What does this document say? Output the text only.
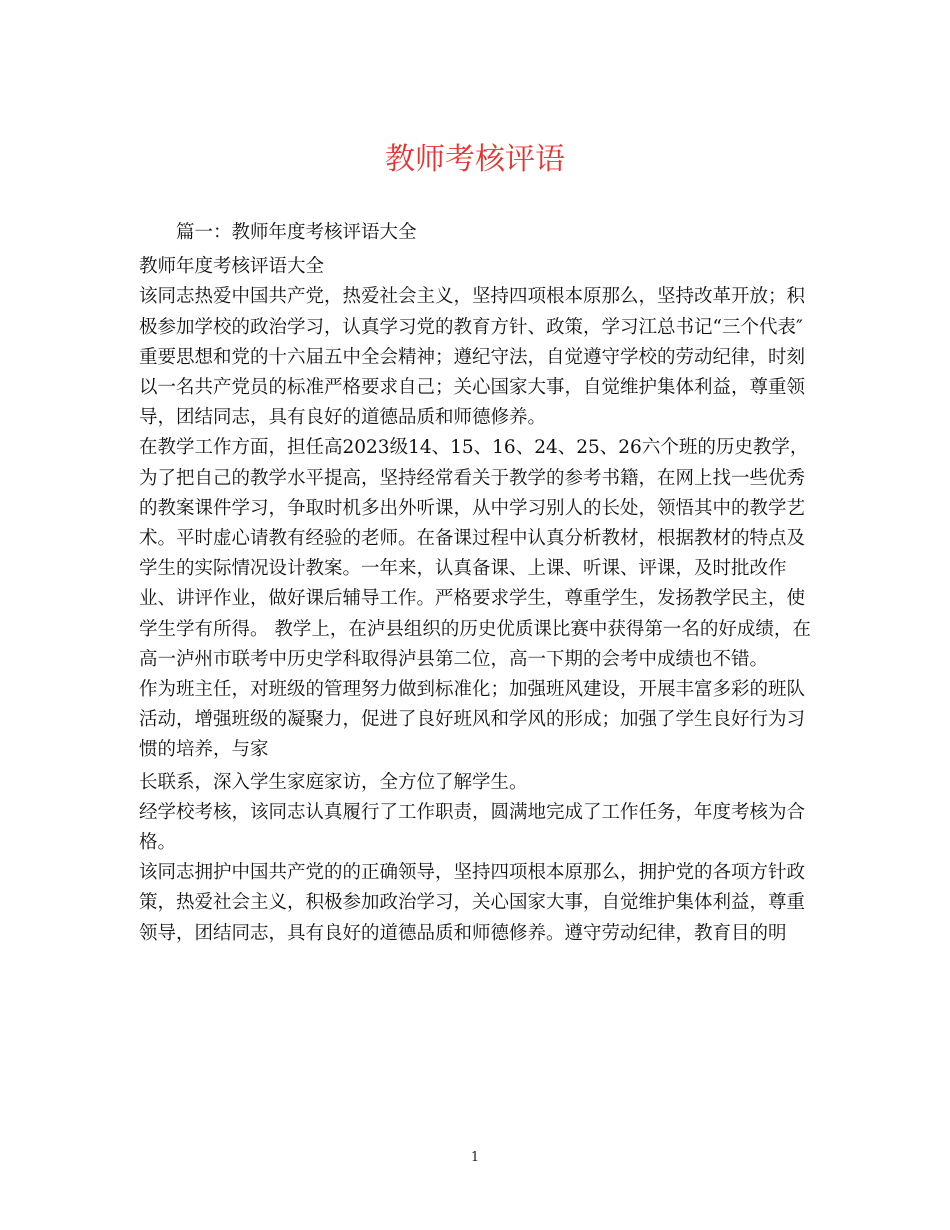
教师考核评语

篇一：教师年度考核评语大全

教师年度考核评语大全

该同志热爱中国共产党，热爱社会主义，坚持四项根本原那么，坚持改革开放；积极参加学校的政治学习，认真学习党的教育方针、政策，学习江总书记“三个代表″重要思想和党的十六届五中全会精神；遵纪守法，自觉遵守学校的劳动纪律，时刻以一名共产党员的标准严格要求自己；关心国家大事，自觉维护集体利益，尊重领导，团结同志，具有良好的道德品质和师德修养。

在教学工作方面，担任高2023级14、15、16、24、25、26六个班的历史教学，为了把自己的教学水平提高，坚持经常看关于教学的参考书籍，在网上找一些优秀的教案课件学习，争取时机多出外听课，从中学习别人的长处，领悟其中的教学艺术。平时虚心请教有经验的老师。在备课过程中认真分析教材，根据教材的特点及学生的实际情况设计教案。一年来，认真备课、上课、听课、评课，及时批改作业、讲评作业，做好课后辅导工作。严格要求学生，尊重学生，发扬教学民主，使学生学有所得。 教学上，在泸县组织的历史优质课比赛中获得第一名的好成绩，在高一泸州市联考中历史学科取得泸县第二位，高一下期的会考中成绩也不错。

作为班主任，对班级的管理努力做到标准化；加强班风建设，开展丰富多彩的班队活动，增强班级的凝聚力，促进了良好班风和学风的形成；加强了学生良好行为习惯的培养，与家

长联系，深入学生家庭家访，全方位了解学生。

经学校考核，该同志认真履行了工作职责，圆满地完成了工作任务，年度考核为合格。

该同志拥护中国共产党的的正确领导，坚持四项根本原那么，拥护党的各项方针政策，热爱社会主义，积极参加政治学习，关心国家大事，自觉维护集体利益，尊重领导，团结同志，具有良好的道德品质和师德修养。遵守劳动纪律，教育目的明

1
